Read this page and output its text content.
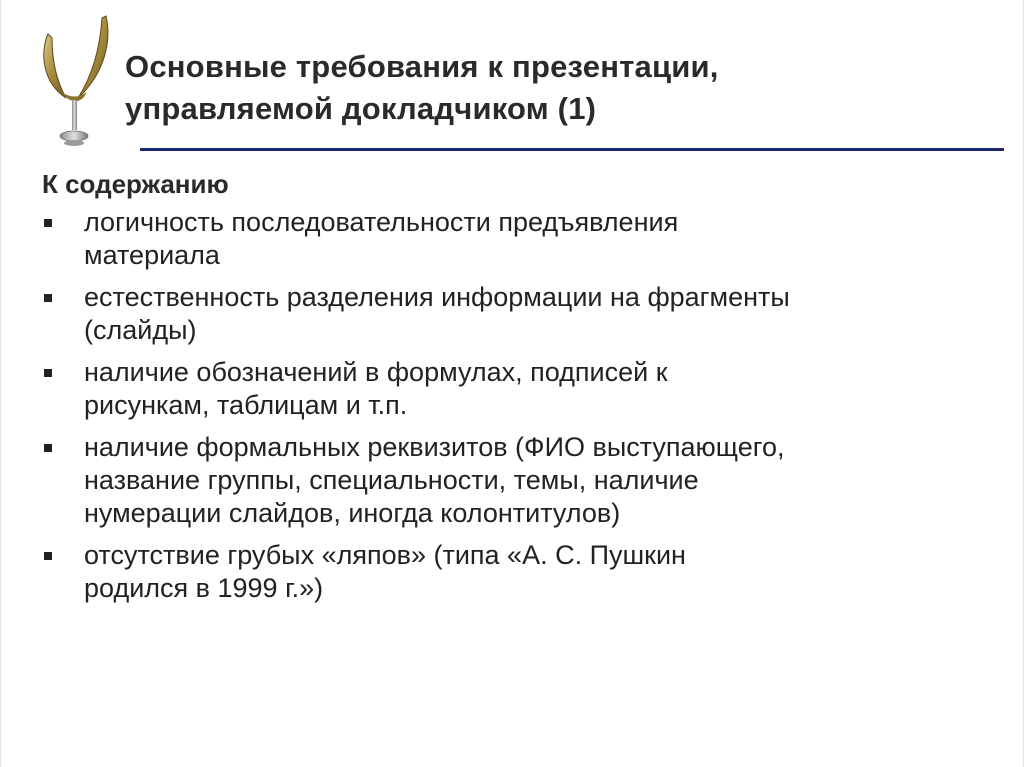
Основные требования к презентации,
управляемой докладчиком (1)
К содержанию
логичность последовательности предъявления
материала
естественность разделения информации на фрагменты
(слайды)
наличие обозначений в формулах, подписей к
рисункам, таблицам и т.п.
наличие формальных реквизитов (ФИО выступающего,
название группы, специальности, темы, наличие
нумерации слайдов, иногда колонтитулов)
отсутствие грубых «ляпов» (типа «А. С. Пушкин
родился в 1999 г.»)
